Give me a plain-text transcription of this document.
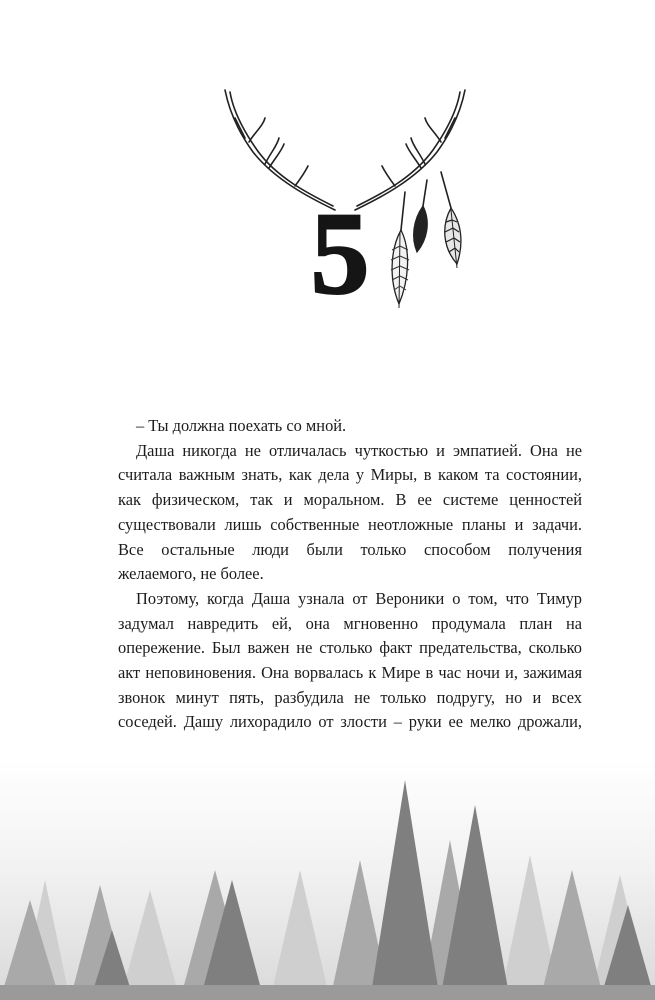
5

– Ты должна поехать со мной.

Даша никогда не отличалась чуткостью и эмпатией. Она не считала важным знать, как дела у Миры, в каком та состоянии, как физическом, так и моральном. В ее системе ценностей существовали лишь собственные неотложные планы и задачи. Все остальные люди были только способом получения желаемого, не более.

Поэтому, когда Даша узнала от Вероники о том, что Тимур задумал навредить ей, она мгновенно продумала план на опережение. Был важен не столько факт предательства, сколько акт неповиновения. Она ворвалась к Мире в час ночи и, зажимая звонок минут пять, разбудила не только подругу, но и всех соседей. Дашу лихорадило от злости – руки ее мелко дрожали,
